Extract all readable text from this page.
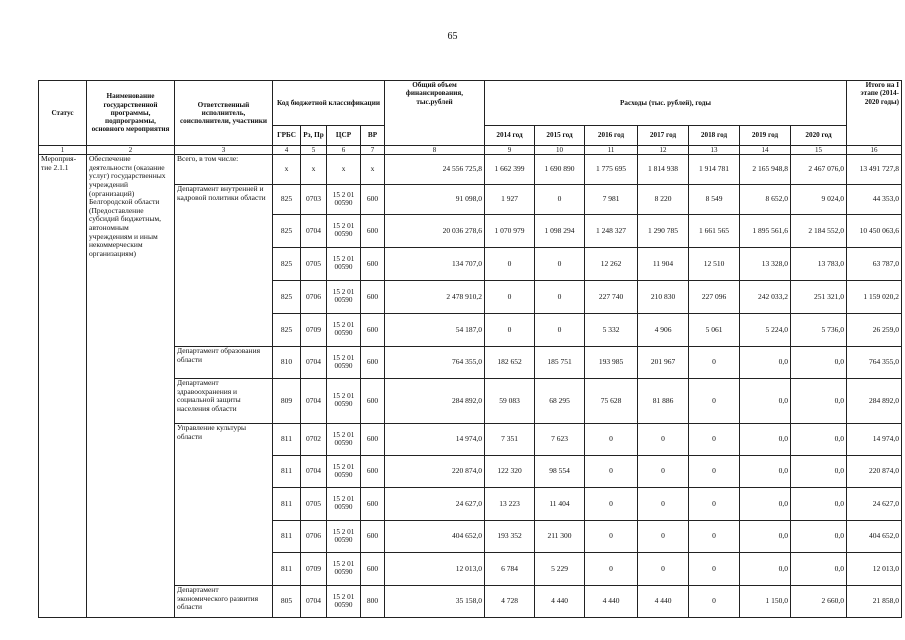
65
Статус	Наименование государственной программы, подпрограммы, основного мероприятия	Ответственный исполнитель, соисполнители, участники	Код бюджетной классификации				Общий объем финансирования, тыс.рублей	Расходы (тыс. рублей), годы							Итого на I этапе (2014-2020 годы)
			ГРБС	Рз, Пр	ЦСР	ВР		2014 год	2015 год	2016 год	2017 год	2018 год	2019 год	2020 год	
1	2	3	4	5	6	7	8	9	10	11	12	13	14	15	16
Мероприя-тие 2.1.1	Обеспечение деятельности (оказание услуг) государственных учреждений (организаций) Белгородской области (Предоставление субсидий бюджетным, автономным учреждениям и иным некоммерческим организациям)	Всего, в том числе:	х	х	х	х	24 556 725,8	1 662 399	1 690 890	1 775 695	1 814 938	1 914 781	2 165 948,8	2 467 076,0	13 491 727,8
		Департамент внутренней и кадровой политики области	825	0703	15 2 01 00590	600	91 098,0	1 927	0	7 981	8 220	8 549	8 652,0	9 024,0	44 353,0
			825	0704	15 2 01 00590	600	20 036 278,6	1 070 979	1 098 294	1 248 327	1 290 785	1 661 565	1 895 561,6	2 184 552,0	10 450 063,6
			825	0705	15 2 01 00590	600	134 707,0	0	0	12 262	11 904	12 510	13 328,0	13 783,0	63 787,0
			825	0706	15 2 01 00590	600	2 478 910,2	0	0	227 740	210 830	227 096	242 033,2	251 321,0	1 159 020,2
			825	0709	15 2 01 00590	600	54 187,0	0	0	5 332	4 906	5 061	5 224,0	5 736,0	26 259,0
		Департамент образования области	810	0704	15 2 01 00590	600	764 355,0	182 652	185 751	193 985	201 967	0	0,0	0,0	764 355,0
		Департамент здравоохранения и социальной защиты населения области	809	0704	15 2 01 00590	600	284 892,0	59 083	68 295	75 628	81 886	0	0,0	0,0	284 892,0
		Управление культуры области	811	0702	15 2 01 00590	600	14 974,0	7 351	7 623	0	0	0	0,0	0,0	14 974,0
			811	0704	15 2 01 00590	600	220 874,0	122 320	98 554	0	0	0	0,0	0,0	220 874,0
			811	0705	15 2 01 00590	600	24 627,0	13 223	11 404	0	0	0	0,0	0,0	24 627,0
			811	0706	15 2 01 00590	600	404 652,0	193 352	211 300	0	0	0	0,0	0,0	404 652,0
			811	0709	15 2 01 00590	600	12 013,0	6 784	5 229	0	0	0	0,0	0,0	12 013,0
		Департамент экономического развития области	805	0704	15 2 01 00590	800	35 158,0	4 728	4 440	4 440	4 440	0	1 150,0	2 660,0	21 858,0
